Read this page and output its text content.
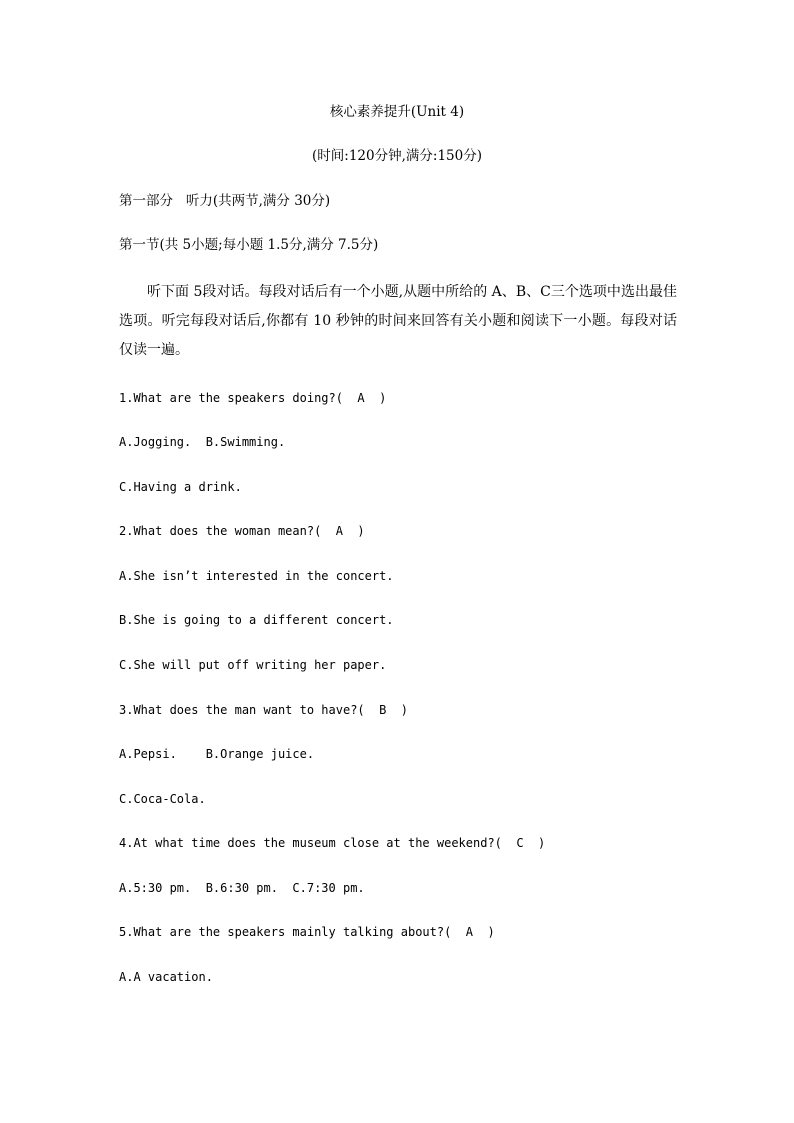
核心素养提升(Unit 4)

(时间:120分钟,满分:150分)

第一部分   听力(共两节,满分 30分)

第一节(共 5小题;每小题 1.5分,满分 7.5分)

听下面 5段对话。每段对话后有一个小题,从题中所给的 A、B、C三个选项中选出最佳选项。听完每段对话后,你都有 10 秒钟的时间来回答有关小题和阅读下一小题。每段对话仅读一遍。

1.What are the speakers doing?(  A  )

A.Jogging.  B.Swimming.

C.Having a drink.

2.What does the woman mean?(  A  )

A.She isn’t interested in the concert.

B.She is going to a different concert.

C.She will put off writing her paper.

3.What does the man want to have?(  B  )

A.Pepsi.    B.Orange juice.

C.Coca-Cola.

4.At what time does the museum close at the weekend?(  C  )

A.5:30 pm.  B.6:30 pm.  C.7:30 pm.

5.What are the speakers mainly talking about?(  A  )

A.A vacation.
